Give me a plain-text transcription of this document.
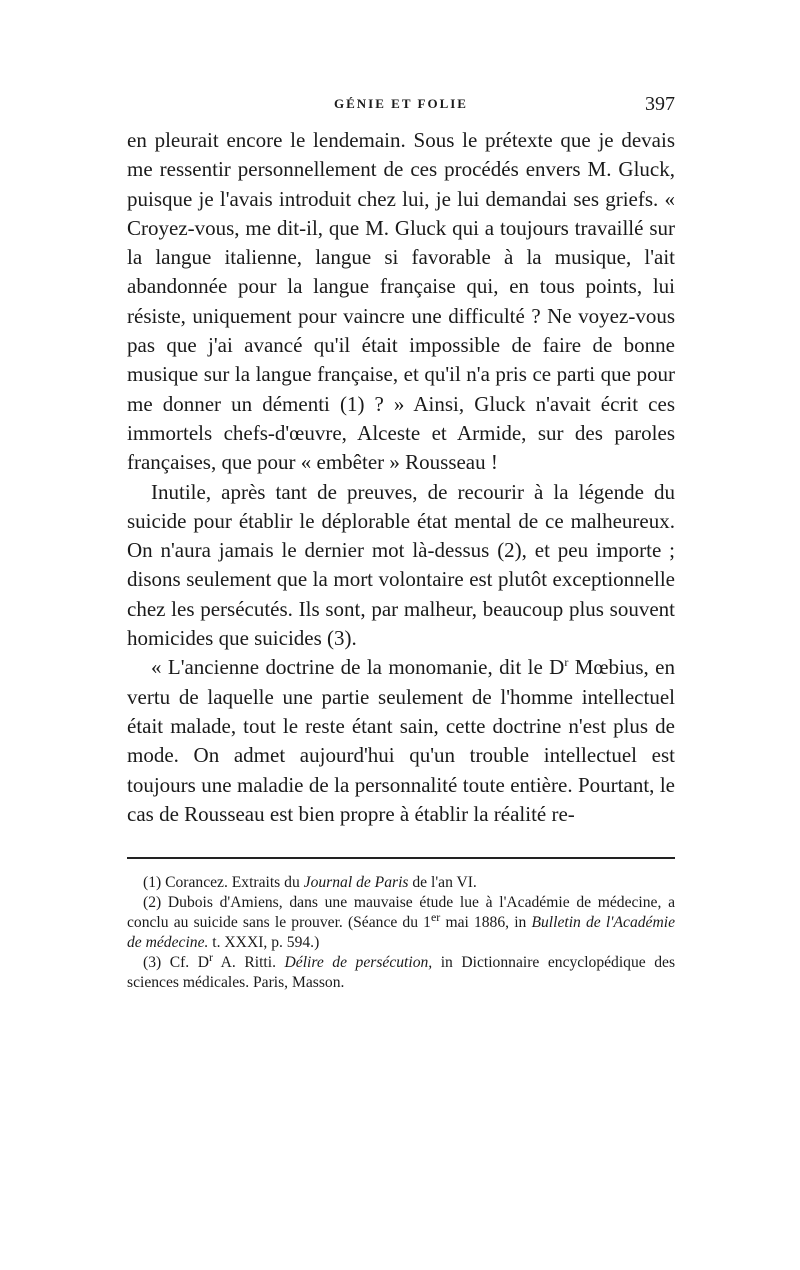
GÉNIE ET FOLIE	397

en pleurait encore le lendemain. Sous le prétexte que je devais me ressentir personnellement de ces procédés envers M. Gluck, puisque je l'avais introduit chez lui, je lui demandai ses griefs. « Croyez-vous, me dit-il, que M. Gluck qui a toujours travaillé sur la langue italienne, langue si favorable à la musique, l'ait abandonnée pour la langue française qui, en tous points, lui résiste, uniquement pour vaincre une difficulté ? Ne voyez-vous pas que j'ai avancé qu'il était impossible de faire de bonne musique sur la langue française, et qu'il n'a pris ce parti que pour me donner un démenti (1) ? » Ainsi, Gluck n'avait écrit ces immortels chefs-d'œuvre, Alceste et Armide, sur des paroles françaises, que pour « embêter » Rousseau !

Inutile, après tant de preuves, de recourir à la légende du suicide pour établir le déplorable état mental de ce malheureux. On n'aura jamais le dernier mot là-dessus (2), et peu importe ; disons seulement que la mort volontaire est plutôt exceptionnelle chez les persécutés. Ils sont, par malheur, beaucoup plus souvent homicides que suicides (3).

« L'ancienne doctrine de la monomanie, dit le $D^r$ Mœbius, en vertu de laquelle une partie seulement de l'homme intellectuel était malade, tout le reste étant sain, cette doctrine n'est plus de mode. On admet aujourd'hui qu'un trouble intellectuel est toujours une maladie de la personnalité toute entière. Pourtant, le cas de Rousseau est bien propre à établir la réalité re-

(1) Corancez. Extraits du Journal de Paris de l'an VI.

(2) Dubois d'Amiens, dans une mauvaise étude lue à l'Académie de médecine, a conclu au suicide sans le prouver. (Séance du 1er mai 1886, in Bulletin de l'Académie de médecine. t. XXXI, p. 594.)

(3) Cf. $D^r$ A. Ritti. Délire de persécution, in Dictionnaire encyclopédique des sciences médicales. Paris, Masson.
